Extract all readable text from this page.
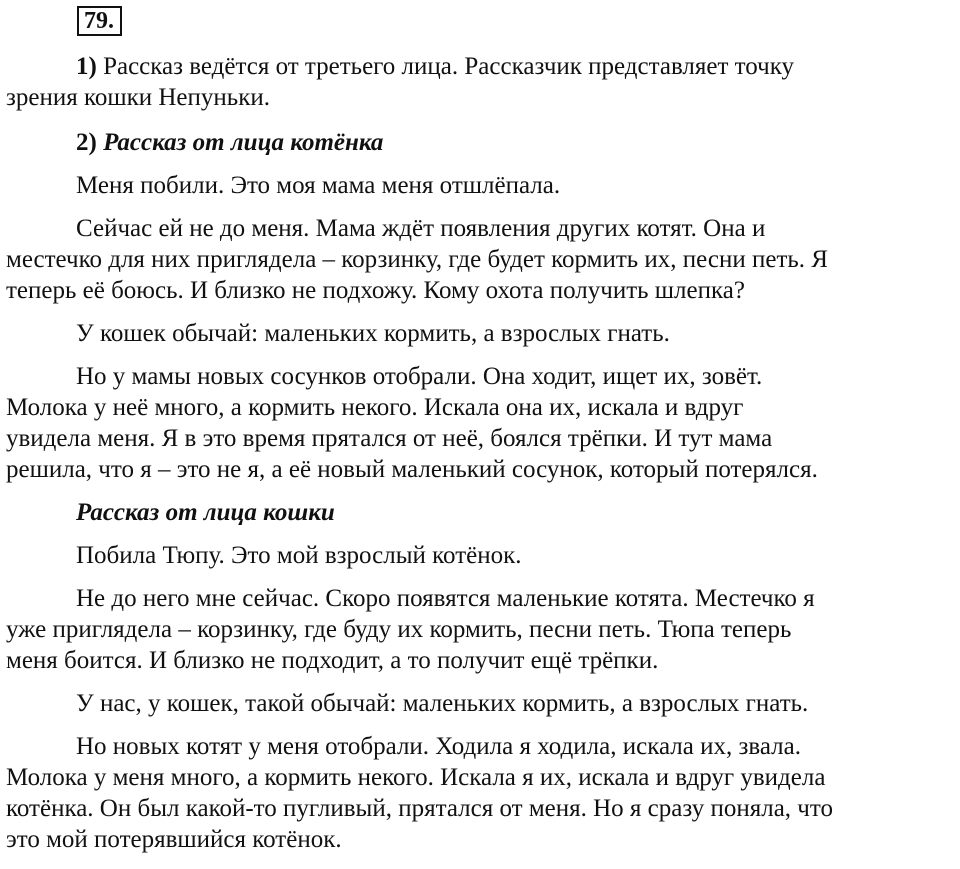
79.
1) Рассказ ведётся от третьего лица. Рассказчик представляет точку
зрения кошки Непуньки.
2) Рассказ от лица котёнка
Меня побили. Это моя мама меня отшлёпала.
Сейчас ей не до меня. Мама ждёт появления других котят. Она и
местечко для них приглядела – корзинку, где будет кормить их, песни петь. Я
теперь её боюсь. И близко не подхожу. Кому охота получить шлепка?
У кошек обычай: маленьких кормить, а взрослых гнать.
Но у мамы новых сосунков отобрали. Она ходит, ищет их, зовёт.
Молока у неё много, а кормить некого. Искала она их, искала и вдруг
увидела меня. Я в это время прятался от неё, боялся трёпки. И тут мама
решила, что я – это не я, а её новый маленький сосунок, который потерялся.
Рассказ от лица кошки
Побила Тюпу. Это мой взрослый котёнок.
Не до него мне сейчас. Скоро появятся маленькие котята. Местечко я
уже приглядела – корзинку, где буду их кормить, песни петь. Тюпа теперь
меня боится. И близко не подходит, а то получит ещё трёпки.
У нас, у кошек, такой обычай: маленьких кормить, а взрослых гнать.
Но новых котят у меня отобрали. Ходила я ходила, искала их, звала.
Молока у меня много, а кормить некого. Искала я их, искала и вдруг увидела
котёнка. Он был какой-то пугливый, прятался от меня. Но я сразу поняла, что
это мой потерявшийся котёнок.
